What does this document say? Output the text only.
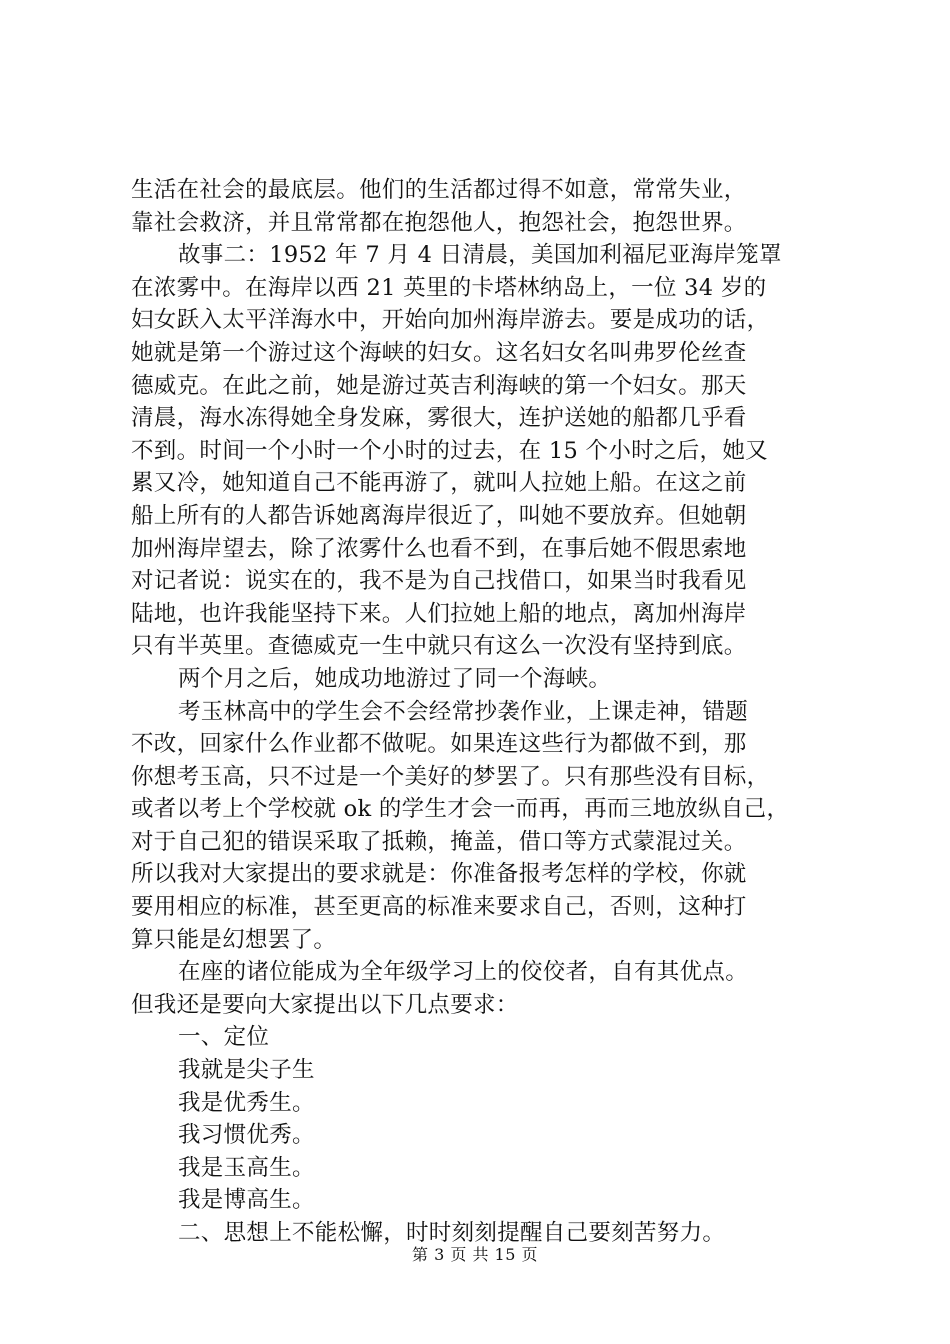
生活在社会的最底层。他们的生活都过得不如意，常常失业，
靠社会救济，并且常常都在抱怨他人，抱怨社会，抱怨世界。
故事二：1952 年 7 月 4 日清晨，美国加利福尼亚海岸笼罩
在浓雾中。在海岸以西 21 英里的卡塔林纳岛上，一位 34 岁的
妇女跃入太平洋海水中，开始向加州海岸游去。要是成功的话，
她就是第一个游过这个海峡的妇女。这名妇女名叫弗罗伦丝查
德威克。在此之前，她是游过英吉利海峡的第一个妇女。那天
清晨，海水冻得她全身发麻，雾很大，连护送她的船都几乎看
不到。时间一个小时一个小时的过去，在 15 个小时之后，她又
累又冷，她知道自己不能再游了，就叫人拉她上船。在这之前
船上所有的人都告诉她离海岸很近了，叫她不要放弃。但她朝
加州海岸望去，除了浓雾什么也看不到，在事后她不假思索地
对记者说：说实在的，我不是为自己找借口，如果当时我看见
陆地，也许我能坚持下来。人们拉她上船的地点，离加州海岸
只有半英里。查德威克一生中就只有这么一次没有坚持到底。
两个月之后，她成功地游过了同一个海峡。
考玉林高中的学生会不会经常抄袭作业，上课走神，错题
不改，回家什么作业都不做呢。如果连这些行为都做不到，那
你想考玉高，只不过是一个美好的梦罢了。只有那些没有目标，
或者以考上个学校就 ok 的学生才会一而再，再而三地放纵自己，
对于自己犯的错误采取了抵赖，掩盖，借口等方式蒙混过关。
所以我对大家提出的要求就是：你准备报考怎样的学校，你就
要用相应的标准，甚至更高的标准来要求自己，否则，这种打
算只能是幻想罢了。
在座的诸位能成为全年级学习上的佼佼者，自有其优点。
但我还是要向大家提出以下几点要求：
一、定位
我就是尖子生
我是优秀生。
我习惯优秀。
我是玉高生。
我是博高生。
二、思想上不能松懈，时时刻刻提醒自己要刻苦努力。
第 3 页 共 15 页
